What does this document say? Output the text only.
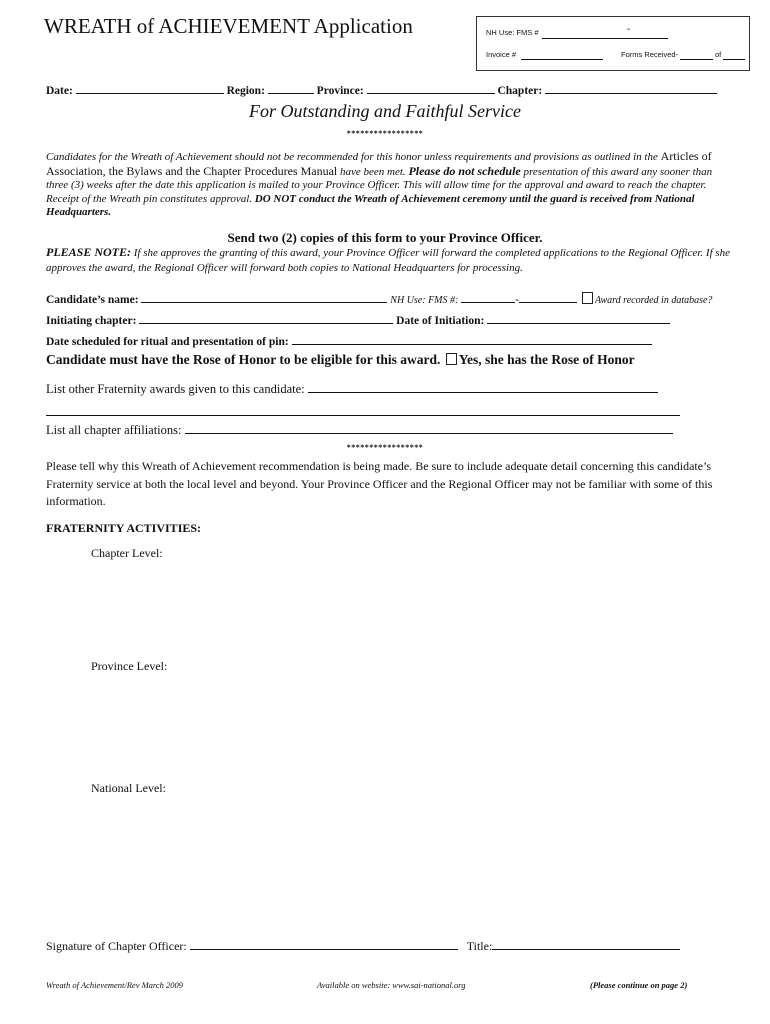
WREATH of ACHIEVEMENT Application	NH Use: FMS #	-
Invoice #	Forms Received-	of
Date:	Region:	Province:	Chapter:
For Outstanding and Faithful Service
*****************
Candidates for the Wreath of Achievement should not be recommended for this honor unless requirements and provisions as outlined in the Articles of Association, the Bylaws and the Chapter Procedures Manual have been met. Please do not schedule presentation of this award any sooner than three (3) weeks after the date this application is mailed to your Province Officer. This will allow time for the approval and award to reach the chapter. Receipt of the Wreath pin constitutes approval. DO NOT conduct the Wreath of Achievement ceremony until the guard is received from National Headquarters.
Send two (2) copies of this form to your Province Officer.
PLEASE NOTE: If she approves the granting of this award, your Province Officer will forward the completed applications to the Regional Officer. If she approves the award, the Regional Officer will forward both copies to National Headquarters for processing.
Candidate’s name:	NH Use: FMS #:	-	Award recorded in database?
Initiating chapter:	Date of Initiation:
Date scheduled for ritual and presentation of pin:
Candidate must have the Rose of Honor to be eligible for this award. Yes, she has the Rose of Honor
List other Fraternity awards given to this candidate:
List all chapter affiliations:
*****************
Please tell why this Wreath of Achievement recommendation is being made. Be sure to include adequate detail concerning this candidate’s Fraternity service at both the local level and beyond. Your Province Officer and the Regional Officer may not be familiar with some of this information.
FRATERNITY ACTIVITIES:
Chapter Level:
Province Level:
National Level:
Signature of Chapter Officer:	Title:
Wreath of Achievement/Rev March 2009	Available on website: www.sai-national.org	(Please continue on page 2)
